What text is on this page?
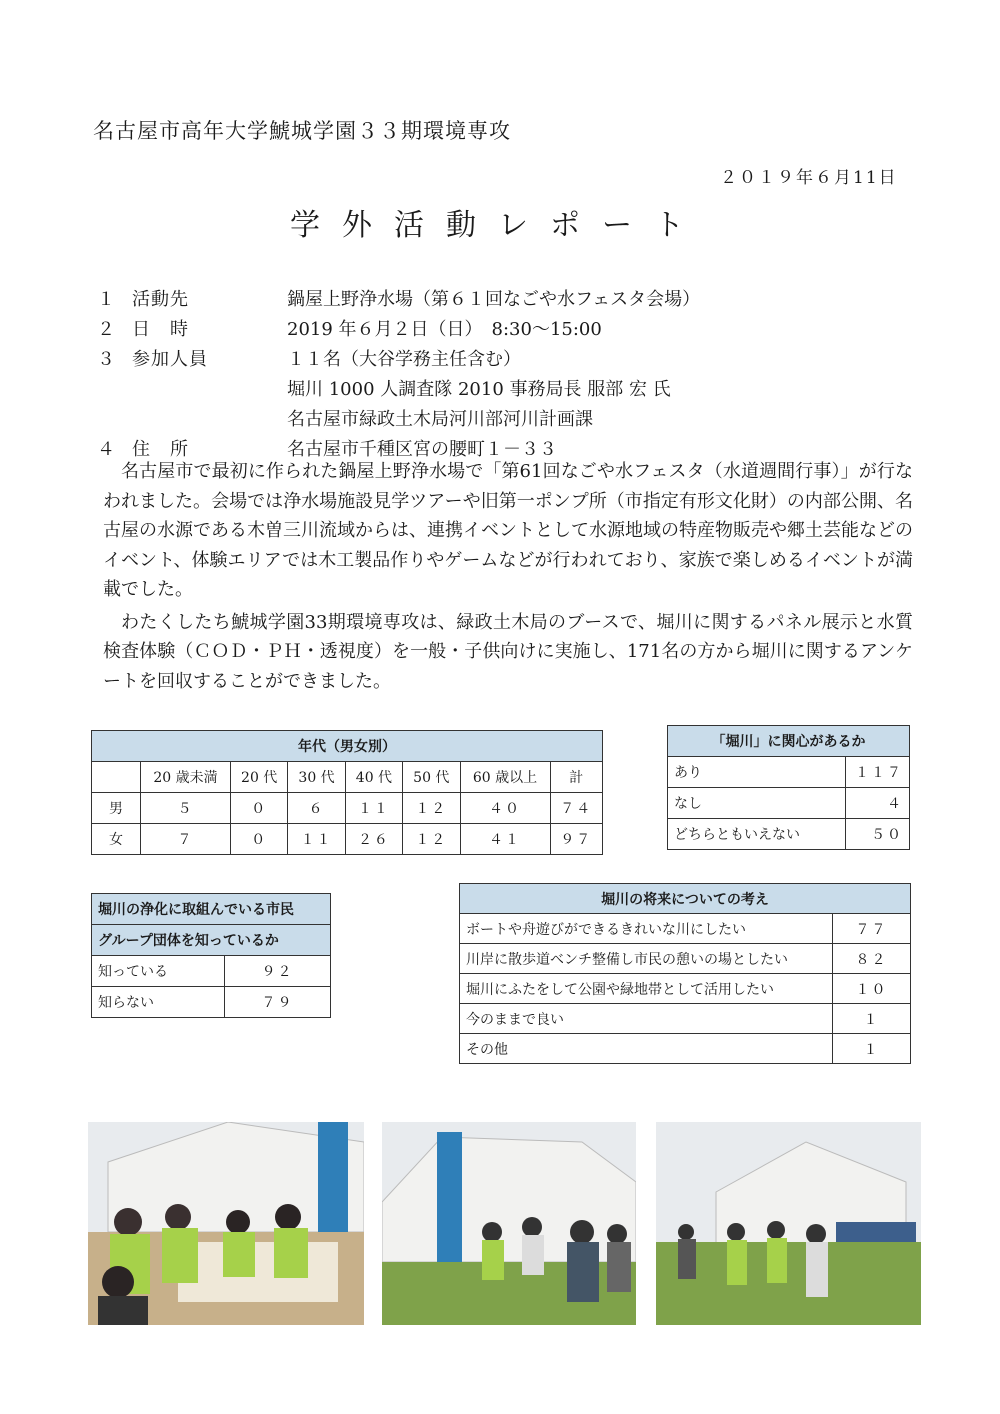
名古屋市高年大学鯱城学園３３期環境専攻
２０１９年６月11日
学外活動レポート
１ 活動先	鍋屋上野浄水場（第６１回なごや水フェスタ会場）
２ 日時	2019 年６月２日（日）　8:30～15:00
３ 参加人員	１１名（大谷学務主任含む）
堀川 1000 人調査隊 2010 事務局長 服部 宏 氏
名古屋市緑政土木局河川部河川計画課
４ 住所	名古屋市千種区宮の腰町１－３３

名古屋市で最初に作られた鍋屋上野浄水場で「第61回なごや水フェスタ（水道週間行事）」が行なわれました。会場では浄水場施設見学ツアーや旧第一ポンプ所（市指定有形文化財）の内部公開、名古屋の水源である木曽三川流域からは、連携イベントとして水源地域の特産物販売や郷土芸能などのイベント、体験エリアでは木工製品作りやゲームなどが行われており、家族で楽しめるイベントが満載でした。

わたくしたち鯱城学園33期環境専攻は、緑政土木局のブースで、堀川に関するパネル展示と水質検査体験（ＣＯＤ・ＰＨ・透視度）を一般・子供向けに実施し、171名の方から堀川に関するアンケートを回収することができました。

年代（男女別）							
	20 歳未満	20 代	30 代	40 代	50 代	60 歳以上	計
男	５	０	６	１１	１２	４０	７４
女	７	０	１１	２６	１２	４１	９７
「堀川」に関心があるか	
あり	１１７
なし	４
どちらともいえない	５０
堀川の浄化に取組んでいる市民	
グループ団体を知っているか	
知っている	９２
知らない	７９
堀川の将来についての考え	
ボートや舟遊びができるきれいな川にしたい	７７
川岸に散歩道ベンチ整備し市民の憩いの場としたい	８２
堀川にふたをして公園や緑地帯として活用したい	１０
今のままで良い	１
その他	１
